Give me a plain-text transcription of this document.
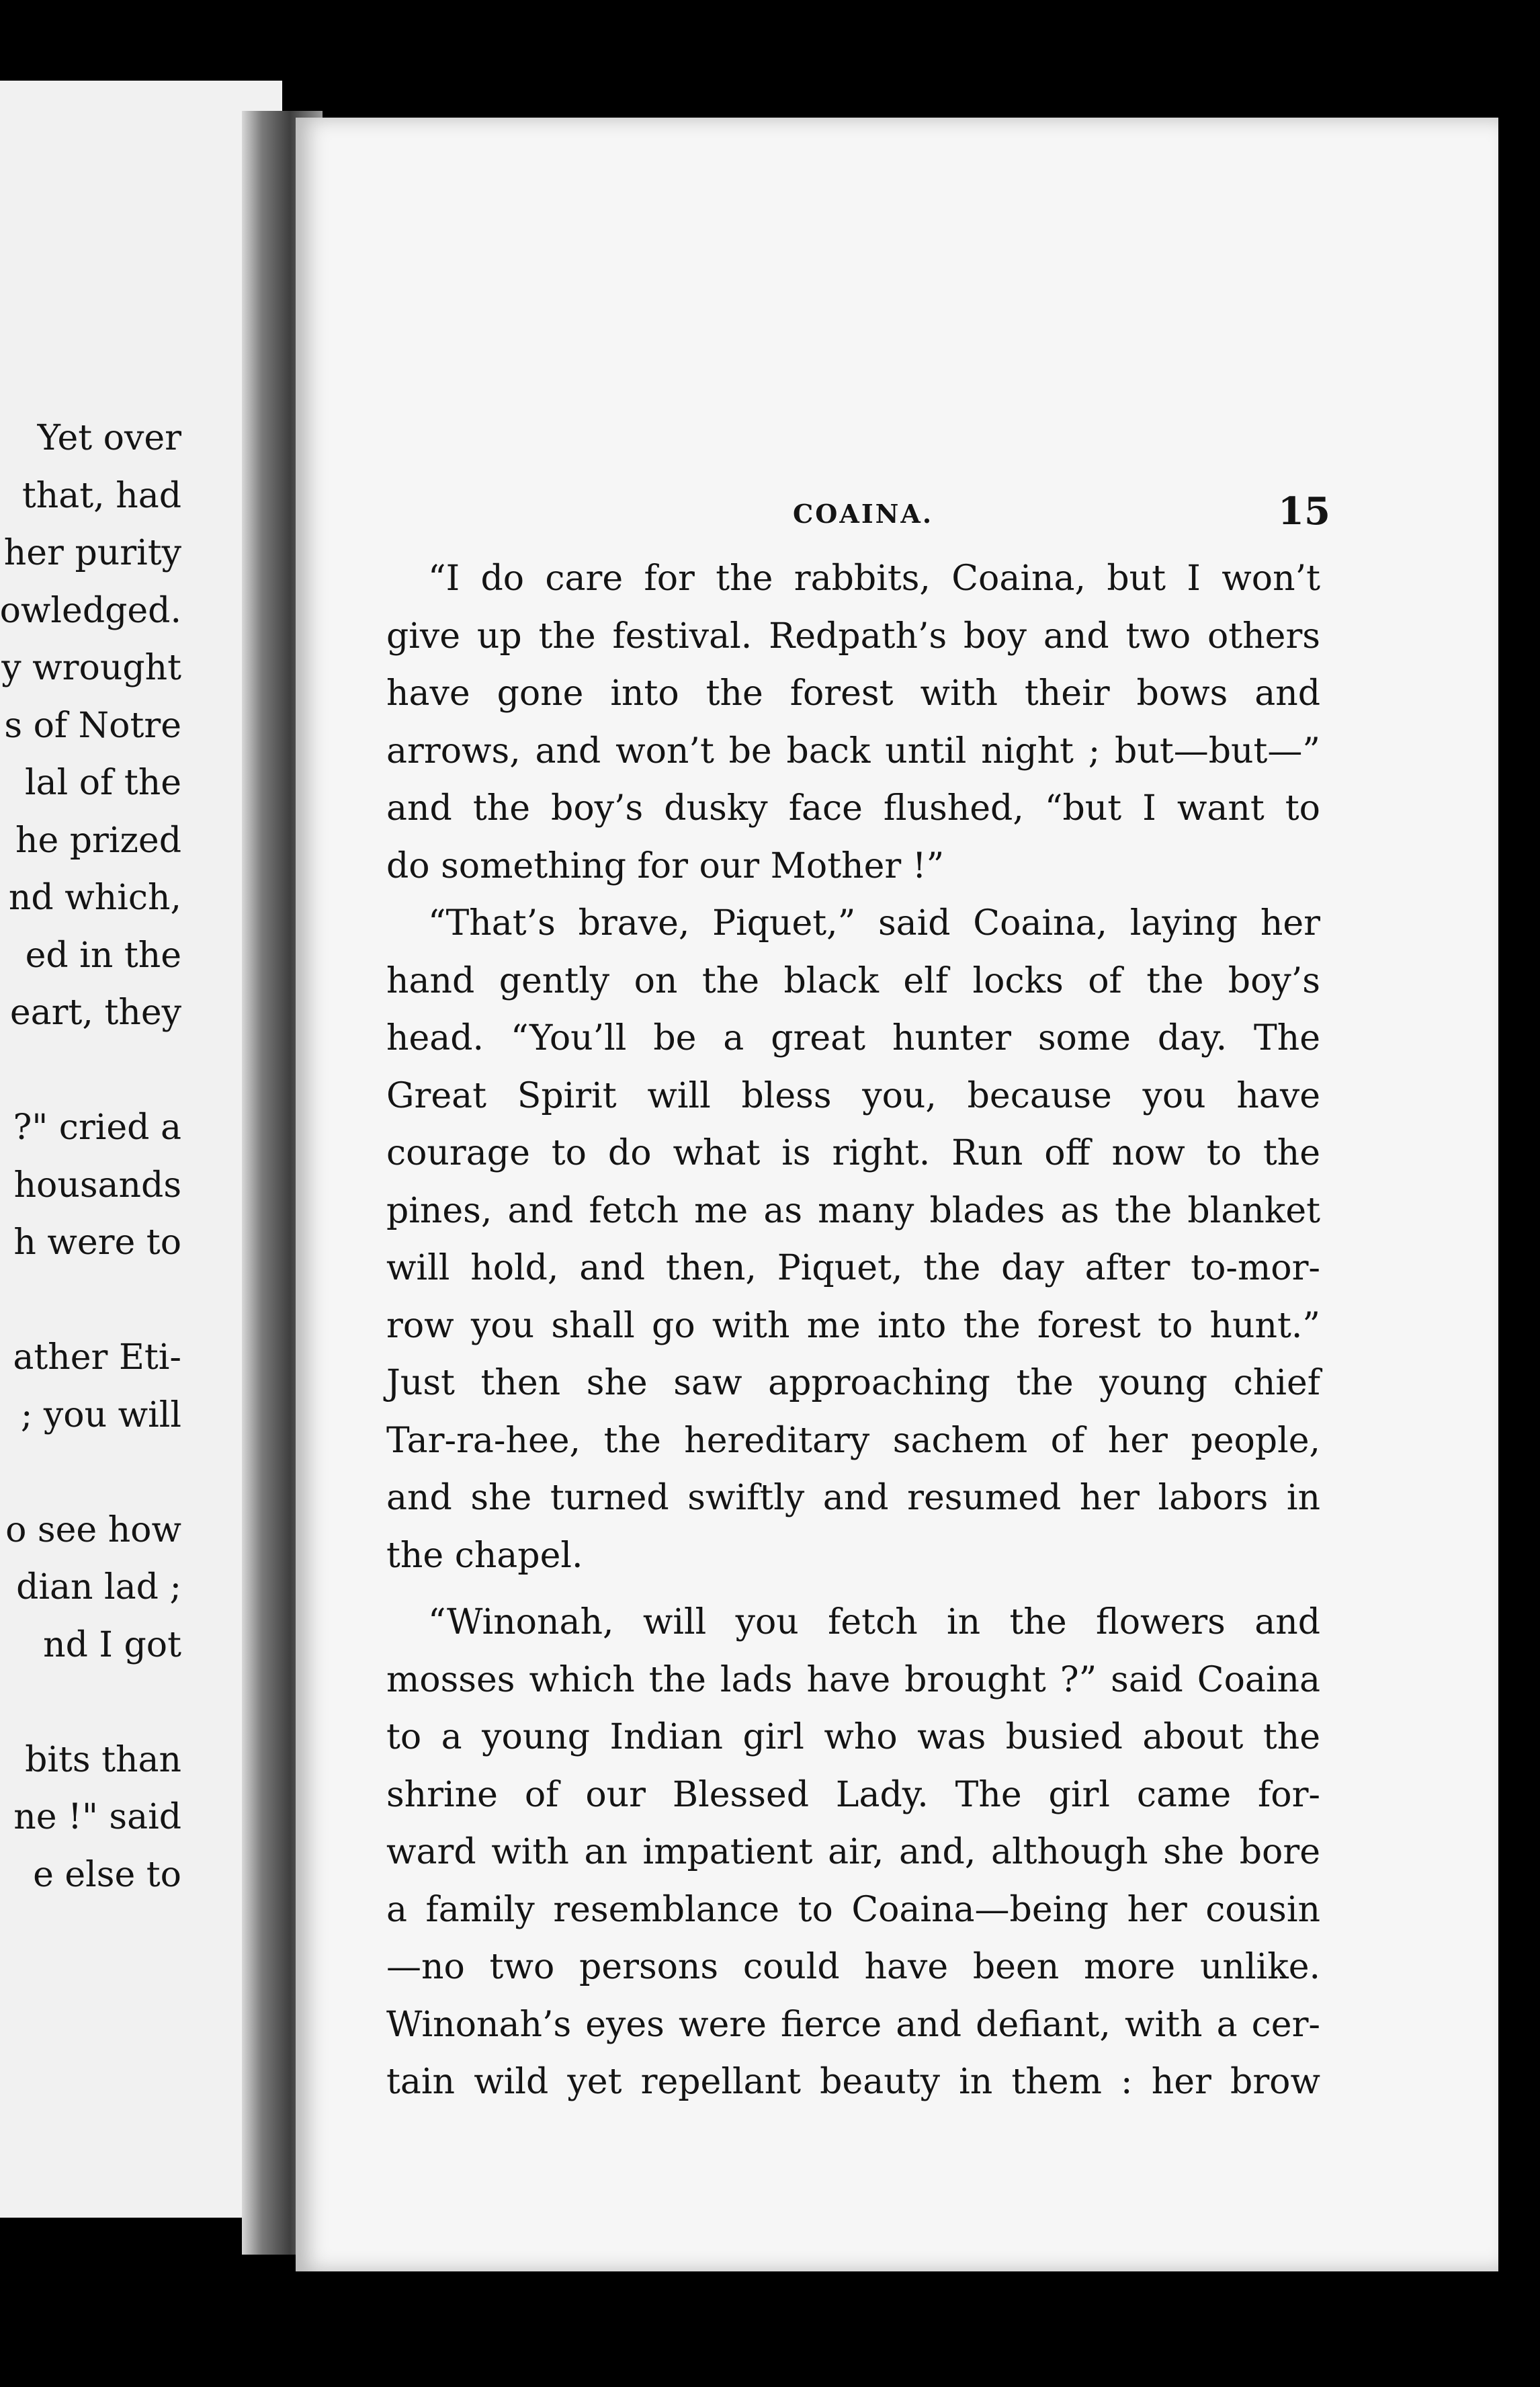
Yet over
that, had
her purity
owledged.
y wrought
s of Notre
lal of the
he prized
nd which,
ed in the
eart, they
?" cried a
housands
h were to
ather Eti-
; you will
o see how
dian lad ;
nd I got
bits than
ne !" said
e else to
COAINA.	15
“I do care for the rabbits, Coaina, but I won’t
give up the festival. Redpath’s boy and two others
have gone into the forest with their bows and
arrows, and won’t be back until night ; but—but—”
and the boy’s dusky face flushed, “but I want to
do something for our Mother !”
“That’s brave, Piquet,” said Coaina, laying her
hand gently on the black elf locks of the boy’s
head. “You’ll be a great hunter some day. The
Great Spirit will bless you, because you have
courage to do what is right. Run off now to the
pines, and fetch me as many blades as the blanket
will hold, and then, Piquet, the day after to-mor-
row you shall go with me into the forest to hunt.”
Just then she saw approaching the young chief
Tar-ra-hee, the hereditary sachem of her people,
and she turned swiftly and resumed her labors in
the chapel.
“Winonah, will you fetch in the flowers and
mosses which the lads have brought ?” said Coaina
to a young Indian girl who was busied about the
shrine of our Blessed Lady. The girl came for-
ward with an impatient air, and, although she bore
a family resemblance to Coaina—being her cousin
—no two persons could have been more unlike.
Winonah’s eyes were fierce and defiant, with a cer-
tain wild yet repellant beauty in them : her brow
